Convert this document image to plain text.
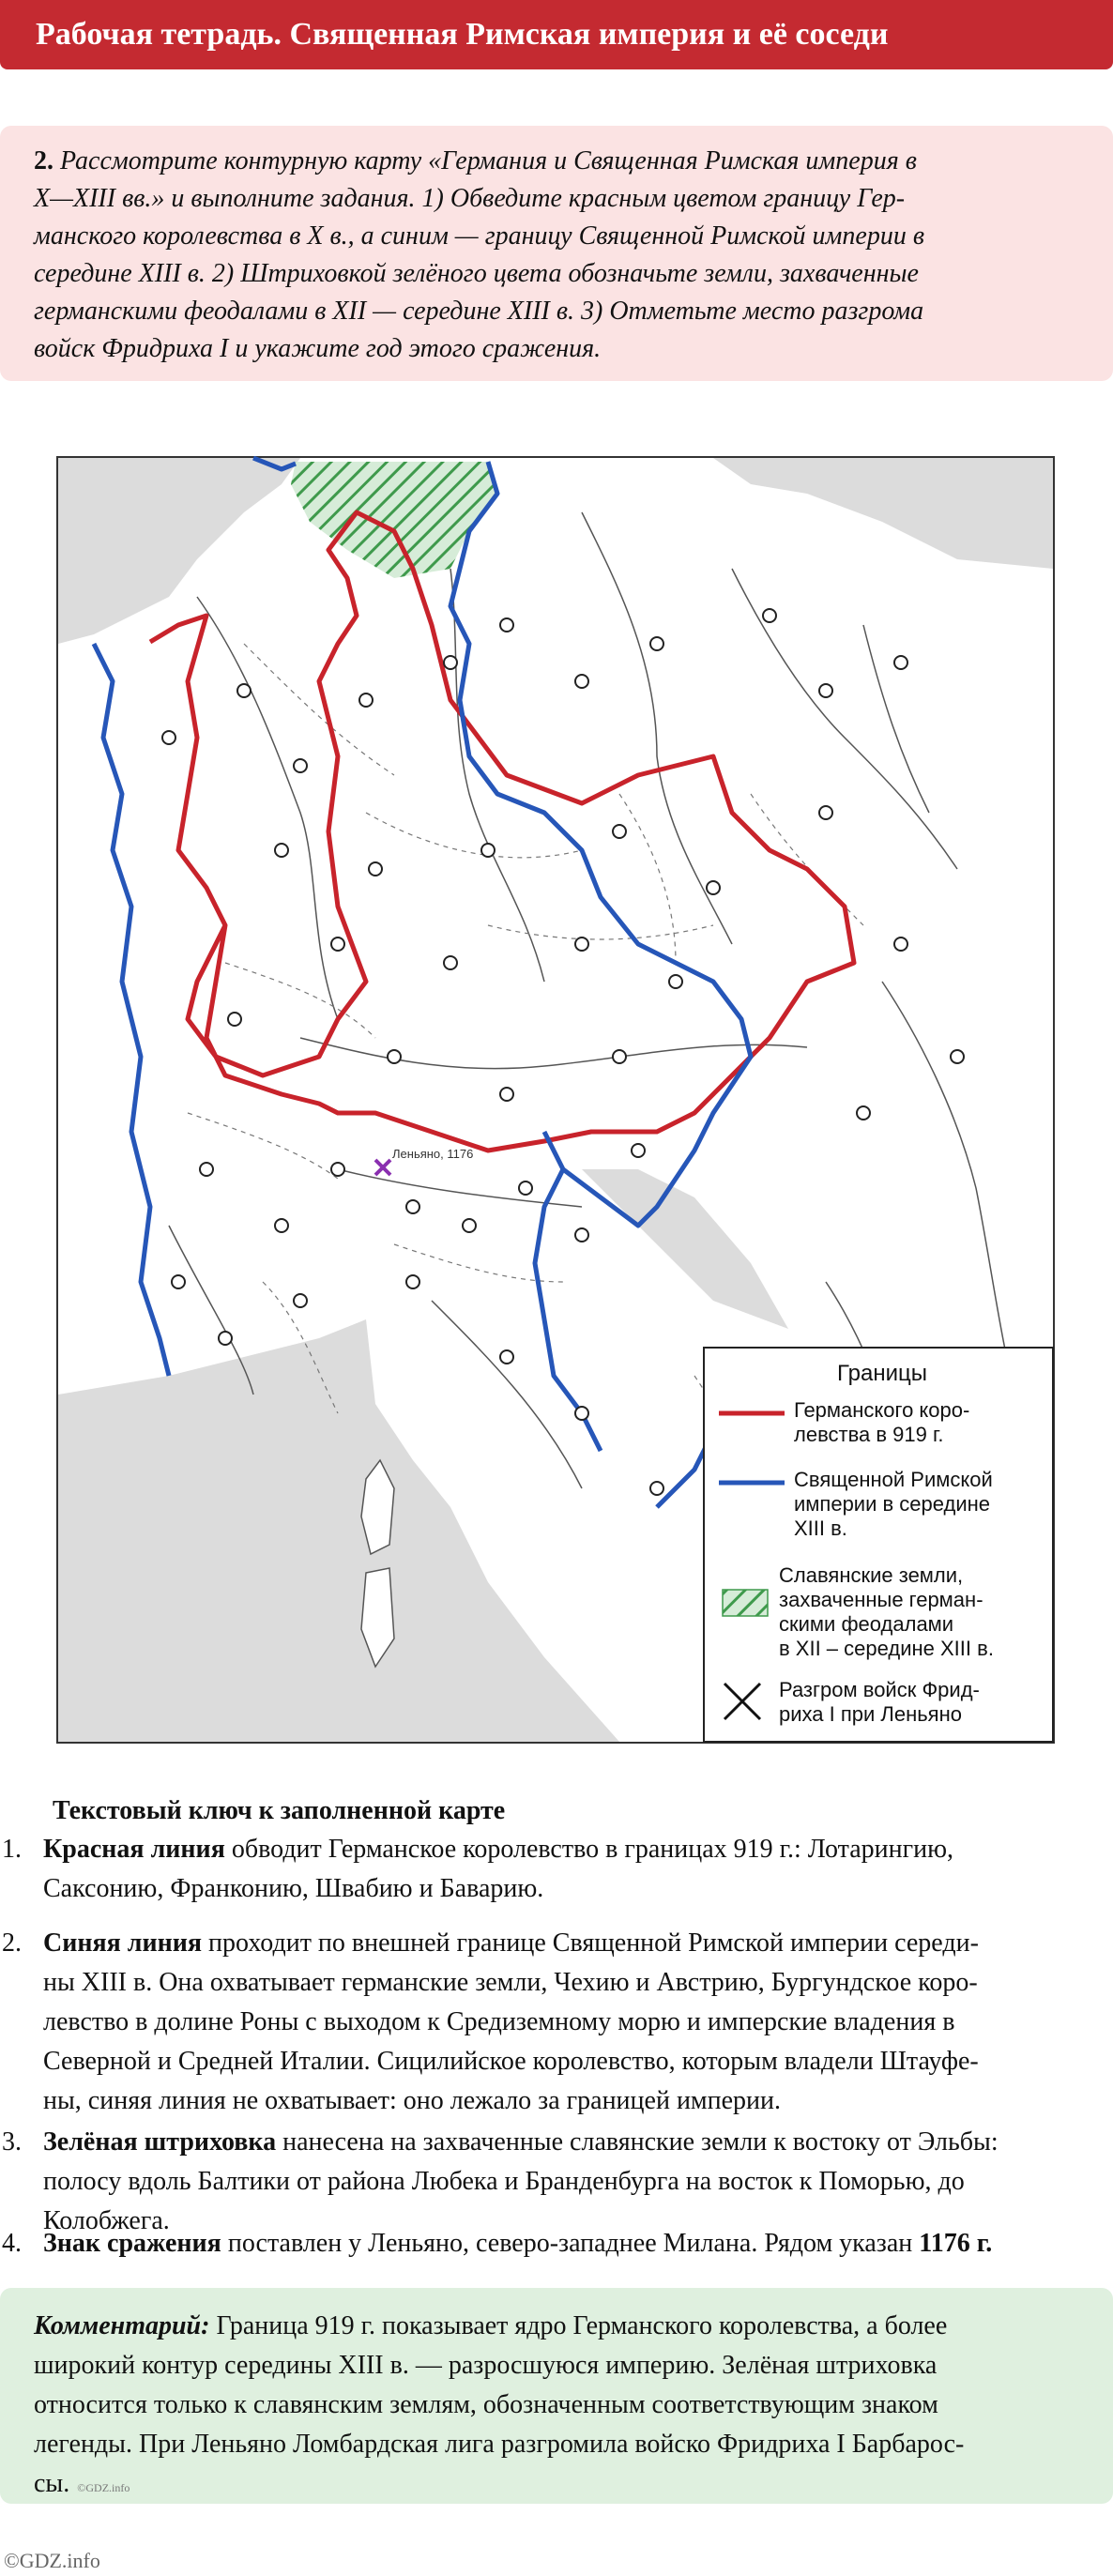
Рабочая тетрадь. Священная Римская империя и её соседи
2. Рассмотрите контурную карту «Германия и Священная Римская империя в
X—XIII вв.» и выполните задания. 1) Обведите красным цветом границу Гер-
манского королевства в X в., а синим — границу Священной Римской империи в
середине XIII в. 2) Штриховкой зелёного цвета обозначьте земли, захваченные
германскими феодалами в XII — середине XIII в. 3) Отметьте место разгрома
войск Фридриха I и укажите год этого сражения.
Леньяно, 1176
Границы
Германского коро-
левства в 919 г.
Священной Римской
империи в середине
XIII в.
Славянские земли,
захваченные герман-
скими феодалами
в XII – середине XIII в.
Разгром войск Фрид-
риха I при Леньяно
Текстовый ключ к заполненной карте
1. Красная линия обводит Германское королевство в границах 919 г.: Лотарингию,
Саксонию, Франконию, Швабию и Баварию.
2. Синяя линия проходит по внешней границе Священной Римской империи середи-
ны XIII в. Она охватывает германские земли, Чехию и Австрию, Бургундское коро-
левство в долине Роны с выходом к Средиземному морю и имперские владения в
Северной и Средней Италии. Сицилийское королевство, которым владели Штауфе-
ны, синяя линия не охватывает: оно лежало за границей империи.
3. Зелёная штриховка нанесена на захваченные славянские земли к востоку от Эльбы:
полосу вдоль Балтики от района Любека и Бранденбурга на восток к Поморью, до
Колобжега.
4. Знак сражения поставлен у Леньяно, северо-западнее Милана. Рядом указан 1176 г.
Комментарий: Граница 919 г. показывает ядро Германского королевства, а более
широкий контур середины XIII в. — разросшуюся империю. Зелёная штриховка
относится только к славянским землям, обозначенным соответствующим знаком
легенды. При Леньяно Ломбардская лига разгромила войско Фридриха I Барбарос-
сы. ©GDZ.info
©GDZ.info
